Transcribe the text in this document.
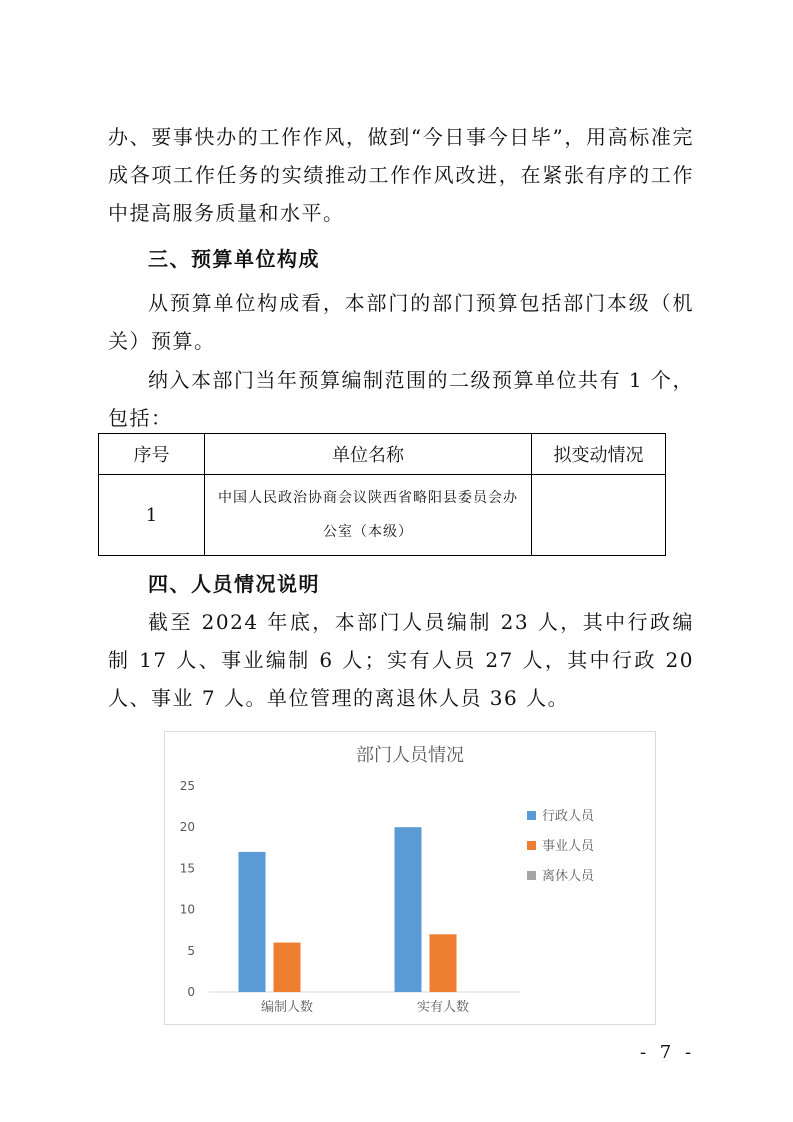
办、要事快办的工作作风，做到“今日事今日毕”，用高标准完成各项工作任务的实绩推动工作作风改进，在紧张有序的工作中提高服务质量和水平。

三、预算单位构成

从预算单位构成看，本部门的部门预算包括部门本级（机关）预算。

纳入本部门当年预算编制范围的二级预算单位共有 1 个，包括：

序号	单位名称	拟变动情况
1	中国人民政治协商会议陕西省略阳县委员会办公室（本级）	

四、人员情况说明

截至 2024 年底，本部门人员编制 23 人，其中行政编制 17 人、事业编制 6 人；实有人员 27 人，其中行政 20 人、事业 7 人。单位管理的离退休人员 36 人。

部门人员情况
0
5
10
15
20
25
编制人数	实有人数
行政人员
事业人员
离休人员
- 7 -
